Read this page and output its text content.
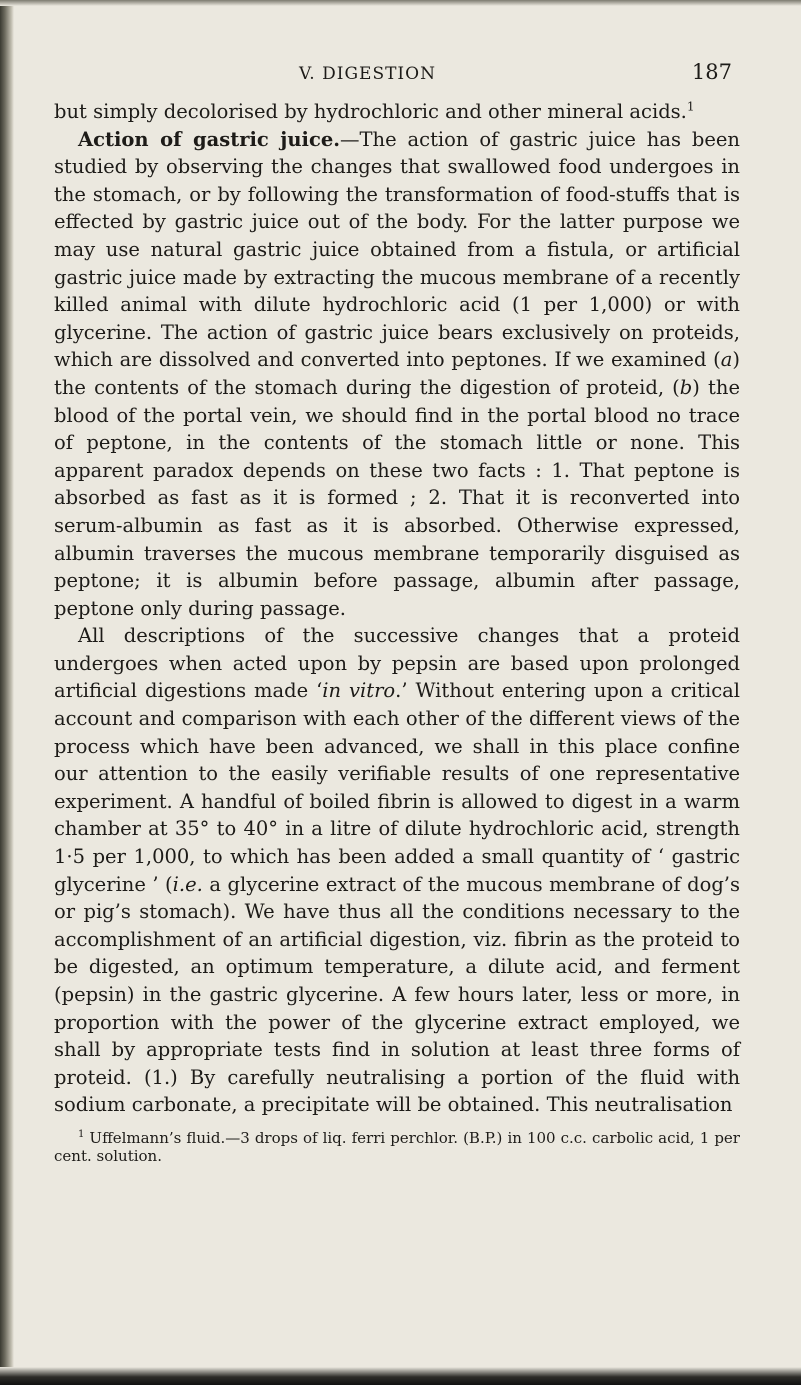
V. DIGESTION	187

but simply decolorised by hydrochloric and other mineral acids.$^1$

Action of gastric juice.—The action of gastric juice has been studied by observing the changes that swallowed food undergoes in the stomach, or by following the transformation of food-stuffs that is effected by gastric juice out of the body. For the latter purpose we may use natural gastric juice obtained from a fistula, or artificial gastric juice made by extracting the mucous membrane of a recently killed animal with dilute hydrochloric acid (1 per 1,000) or with glycerine. The action of gastric juice bears exclusively on proteids, which are dissolved and converted into peptones. If we examined (a) the contents of the stomach during the digestion of proteid, (b) the blood of the portal vein, we should find in the portal blood no trace of peptone, in the contents of the stomach little or none. This apparent paradox depends on these two facts : 1. That peptone is absorbed as fast as it is formed ; 2. That it is reconverted into serum-albumin as fast as it is absorbed. Otherwise expressed, albumin traverses the mucous membrane temporarily disguised as peptone; it is albumin before passage, albumin after passage, peptone only during passage.

All descriptions of the successive changes that a proteid undergoes when acted upon by pepsin are based upon prolonged artificial digestions made ‘in vitro.’ Without entering upon a critical account and comparison with each other of the different views of the process which have been advanced, we shall in this place confine our attention to the easily verifiable results of one representative experiment. A handful of boiled fibrin is allowed to digest in a warm chamber at 35° to 40° in a litre of dilute hydrochloric acid, strength 1·5 per 1,000, to which has been added a small quantity of ‘ gastric glycerine ’ (i.e. a glycerine extract of the mucous membrane of dog’s or pig’s stomach). We have thus all the conditions necessary to the accomplishment of an artificial digestion, viz. fibrin as the proteid to be digested, an optimum temperature, a dilute acid, and ferment (pepsin) in the gastric glycerine. A few hours later, less or more, in proportion with the power of the glycerine extract employed, we shall by appropriate tests find in solution at least three forms of proteid. (1.) By carefully neutralising a portion of the fluid with sodium carbonate, a precipitate will be obtained. This neutralisation

$^1$ Uffelmann’s fluid.—3 drops of liq. ferri perchlor. (B.P.) in 100 c.c. carbolic acid, 1 per cent. solution.
